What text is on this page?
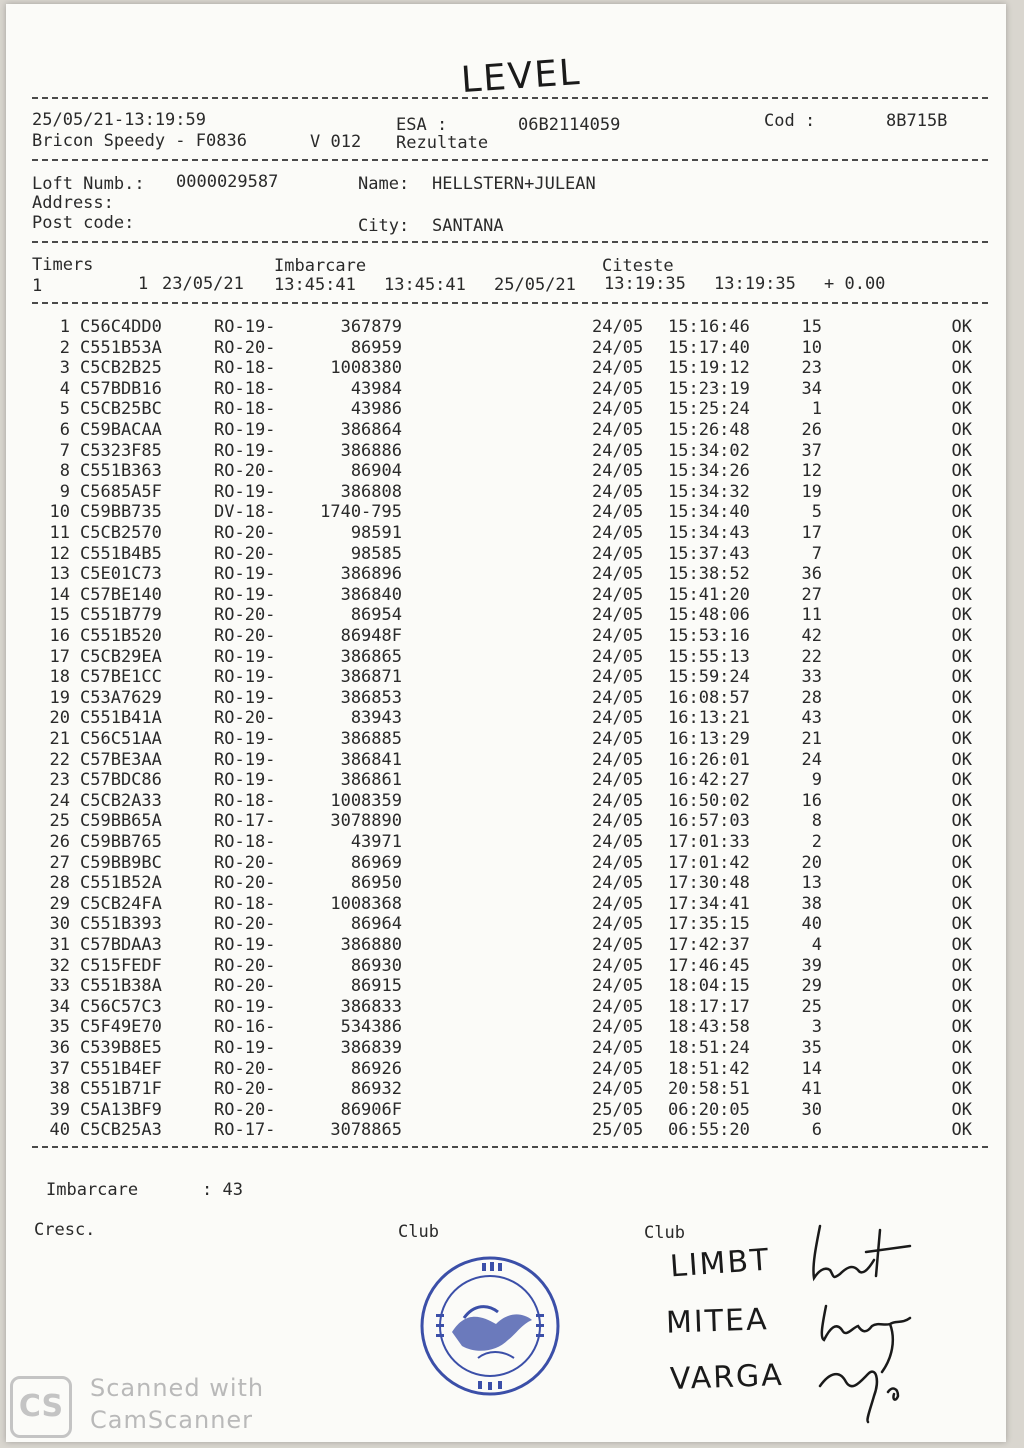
LEVEL
25/05/21-13:19:59	ESA :	06B2114059	Cod :	8B715B
Bricon Speedy - F0836	V 012 Rezultate
Loft Numb.: 0000029587	Name: HELLSTERN+JULEAN
Address:
Post code:	City: SANTANA
Timers	Imbarcare	Citeste
1	1 23/05/21 13:45:41 13:45:41 25/05/21 13:19:35 13:19:35 + 0.00
1 C56C4DD0	RO-19-	367879	24/05	15:16:46	15	OK
2 C551B53A	RO-20-	86959	24/05	15:17:40	10	OK
3 C5CB2B25	RO-18-	1008380	24/05	15:19:12	23	OK
4 C57BDB16	RO-18-	43984	24/05	15:23:19	34	OK
5 C5CB25BC	RO-18-	43986	24/05	15:25:24	1	OK
6 C59BACAA	RO-19-	386864	24/05	15:26:48	26	OK
7 C5323F85	RO-19-	386886	24/05	15:34:02	37	OK
8 C551B363	RO-20-	86904	24/05	15:34:26	12	OK
9 C5685A5F	RO-19-	386808	24/05	15:34:32	19	OK
10 C59BB735	DV-18-	1740-795	24/05	15:34:40	5	OK
11 C5CB2570	RO-20-	98591	24/05	15:34:43	17	OK
12 C551B4B5	RO-20-	98585	24/05	15:37:43	7	OK
13 C5E01C73	RO-19-	386896	24/05	15:38:52	36	OK
14 C57BE140	RO-19-	386840	24/05	15:41:20	27	OK
15 C551B779	RO-20-	86954	24/05	15:48:06	11	OK
16 C551B520	RO-20-	86948F	24/05	15:53:16	42	OK
17 C5CB29EA	RO-19-	386865	24/05	15:55:13	22	OK
18 C57BE1CC	RO-19-	386871	24/05	15:59:24	33	OK
19 C53A7629	RO-19-	386853	24/05	16:08:57	28	OK
20 C551B41A	RO-20-	83943	24/05	16:13:21	43	OK
21 C56C51AA	RO-19-	386885	24/05	16:13:29	21	OK
22 C57BE3AA	RO-19-	386841	24/05	16:26:01	24	OK
23 C57BDC86	RO-19-	386861	24/05	16:42:27	9	OK
24 C5CB2A33	RO-18-	1008359	24/05	16:50:02	16	OK
25 C59BB65A	RO-17-	3078890	24/05	16:57:03	8	OK
26 C59BB765	RO-18-	43971	24/05	17:01:33	2	OK
27 C59BB9BC	RO-20-	86969	24/05	17:01:42	20	OK
28 C551B52A	RO-20-	86950	24/05	17:30:48	13	OK
29 C5CB24FA	RO-18-	1008368	24/05	17:34:41	38	OK
30 C551B393	RO-20-	86964	24/05	17:35:15	40	OK
31 C57BDAA3	RO-19-	386880	24/05	17:42:37	4	OK
32 C515FEDF	RO-20-	86930	24/05	17:46:45	39	OK
33 C551B38A	RO-20-	86915	24/05	18:04:15	29	OK
34 C56C57C3	RO-19-	386833	24/05	18:17:17	25	OK
35 C5F49E70	RO-16-	534386	24/05	18:43:58	3	OK
36 C539B8E5	RO-19-	386839	24/05	18:51:24	35	OK
37 C551B4EF	RO-20-	86926	24/05	18:51:42	14	OK
38 C551B71F	RO-20-	86932	24/05	20:58:51	41	OK
39 C5A13BF9	RO-20-	86906F	25/05	06:20:05	30	OK
40 C5CB25A3	RO-17-	3078865	25/05	06:55:20	6	OK
Imbarcare	: 43
Cresc.	Club	Club
LIMBT
MITEA
VARGA
CS
Scanned with
CamScanner
